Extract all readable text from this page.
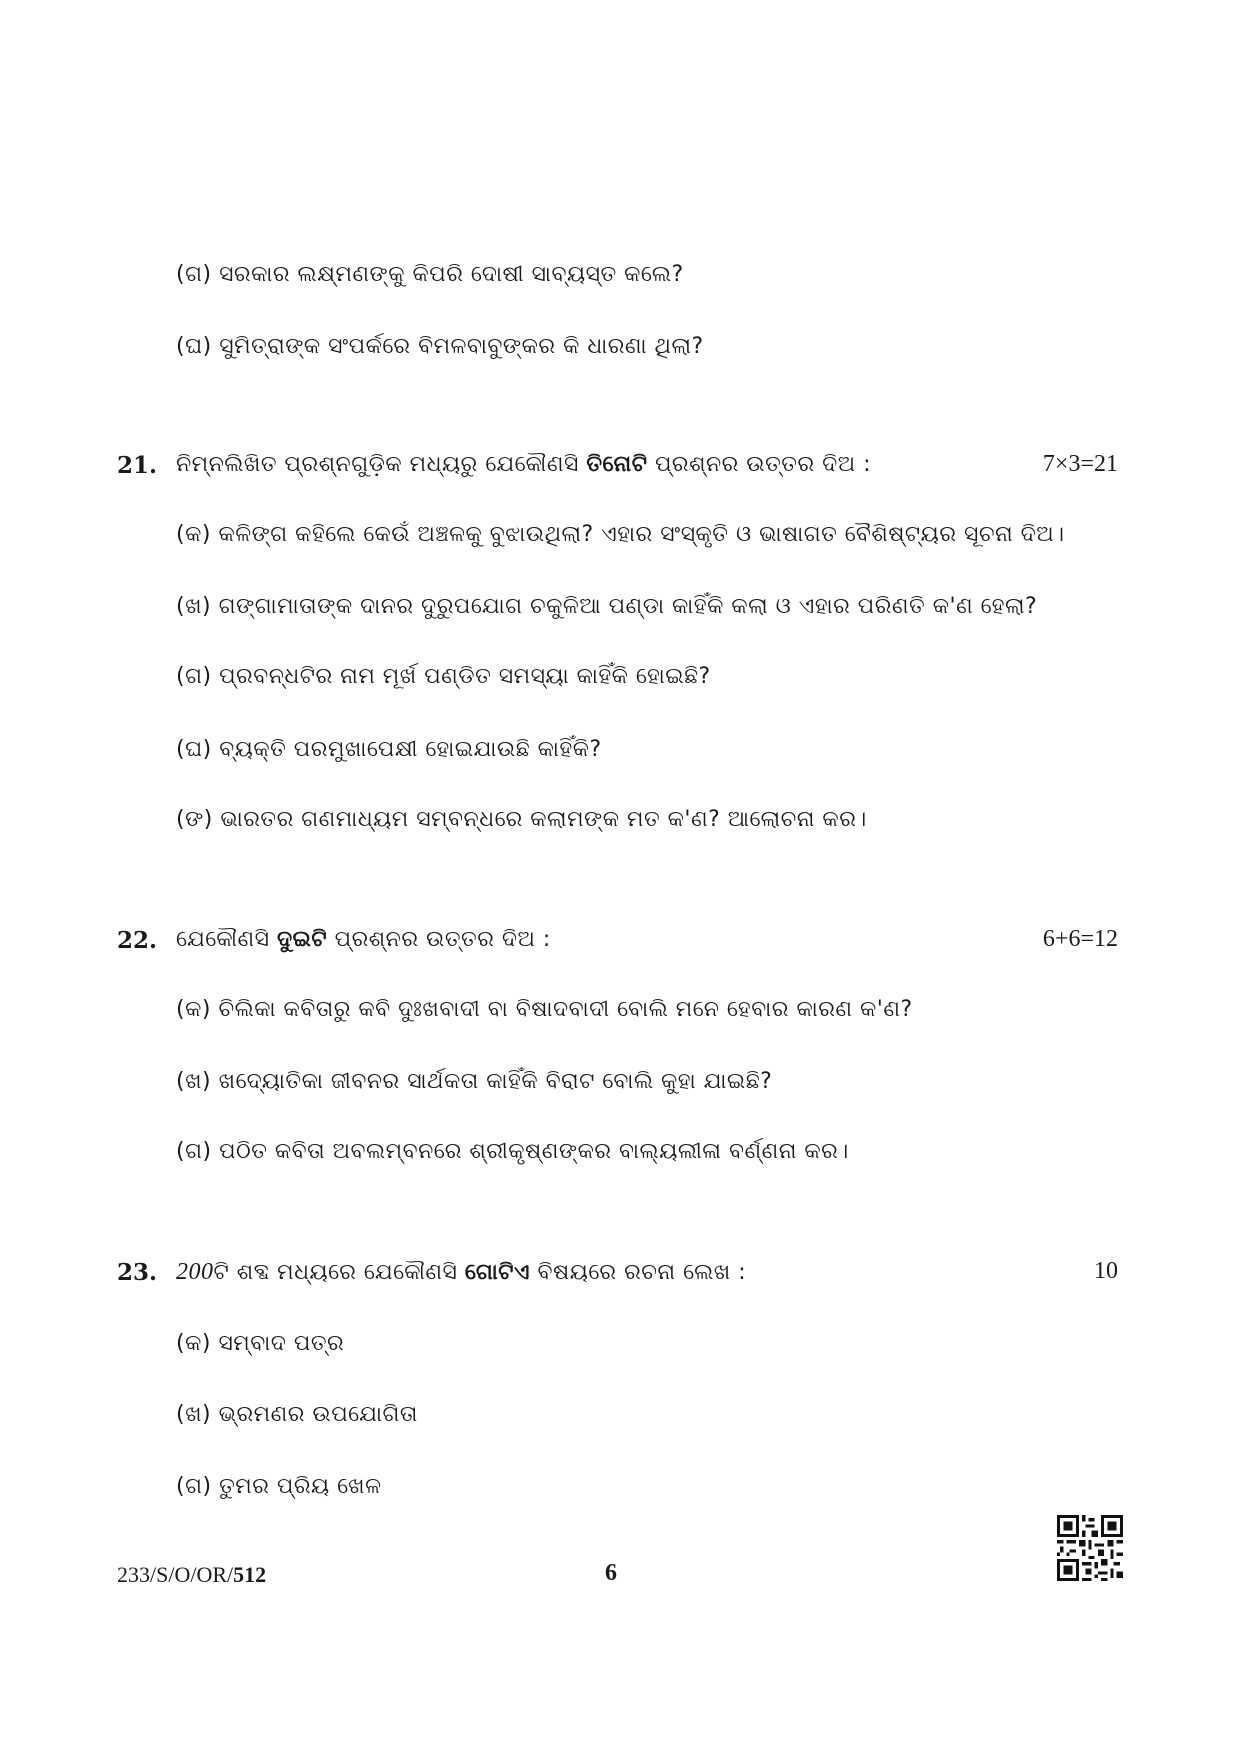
(ଗ) ସରକାର ଲକ୍ଷ୍ମଣଙ୍କୁ କିପରି ଦୋଷୀ ସାବ୍ୟସ୍ତ କଲେ?
(ଘ) ସୁମିତ୍ରାଙ୍କ ସଂପର୍କରେ ବିମଳବାବୁଙ୍କର କି ଧାରଣା ଥିଲା?
21. ନିମ୍ନଲିଖିତ ପ୍ରଶ୍ନଗୁଡ଼ିକ ମଧ୍ୟରୁ ଯେକୌଣସି ତିନୋଟି ପ୍ରଶ୍ନର ଉତ୍ତର ଦିଅ :	7×3=21
(କ) କଳିଙ୍ଗ କହିଲେ କେଉଁ ଅଞ୍ଚଳକୁ ବୁଝାଉଥିଲା? ଏହାର ସଂସ୍କୃତି ଓ ଭାଷାଗତ ବୈଶିଷ୍ଟ୍ୟର ସୂଚନା ଦିଅ।
(ଖ) ଗଙ୍ଗାମାତାଙ୍କ ଦାନର ଦୁରୁପଯୋଗ ଚକୁଳିଆ ପଣ୍ଡା କାହିଁକି କଲା ଓ ଏହାର ପରିଣତି କ'ଣ ହେଲା?
(ଗ) ପ୍ରବନ୍ଧଟିର ନାମ ମୂର୍ଖ ପଣ୍ଡିତ ସମସ୍ୟା କାହିଁକି ହୋଇଛି?
(ଘ) ବ୍ୟକ୍ତି ପରମୁଖାପେକ୍ଷୀ ହୋଇଯାଉଛି କାହିଁକି?
(ଙ) ଭାରତର ଗଣମାଧ୍ୟମ ସମ୍ବନ୍ଧରେ କଲାମଙ୍କ ମତ କ'ଣ? ଆଲୋଚନା କର।
22. ଯେକୌଣସି ଦୁଇଟି ପ୍ରଶ୍ନର ଉତ୍ତର ଦିଅ :	6+6=12
(କ) ଚିଲିକା କବିତାରୁ କବି ଦୁଃଖବାଦୀ ବା ବିଷାଦବାଦୀ ବୋଲି ମନେ ହେବାର କାରଣ କ'ଣ?
(ଖ) ଖଦ୍ୟୋତିକା ଜୀବନର ସାର୍ଥକତା କାହିଁକି ବିରାଟ ବୋଲି କୁହା ଯାଇଛି?
(ଗ) ପଠିତ କବିତା ଅବଲମ୍ବନରେ ଶ୍ରୀକୃଷ୍ଣଙ୍କର ବାଲ୍ୟଲୀଳା ବର୍ଣ୍ଣନା କର।
23. 200ଟି ଶବ୍ଦ ମଧ୍ୟରେ ଯେକୌଣସି ଗୋଟିଏ ବିଷୟରେ ରଚନା ଲେଖ :	10
(କ) ସମ୍ବାଦ ପତ୍ର
(ଖ) ଭ୍ରମଣର ଉପଯୋଗିତା
(ଗ) ତୁମର ପ୍ରିୟ ଖେଳ
233/S/O/OR/512	6
